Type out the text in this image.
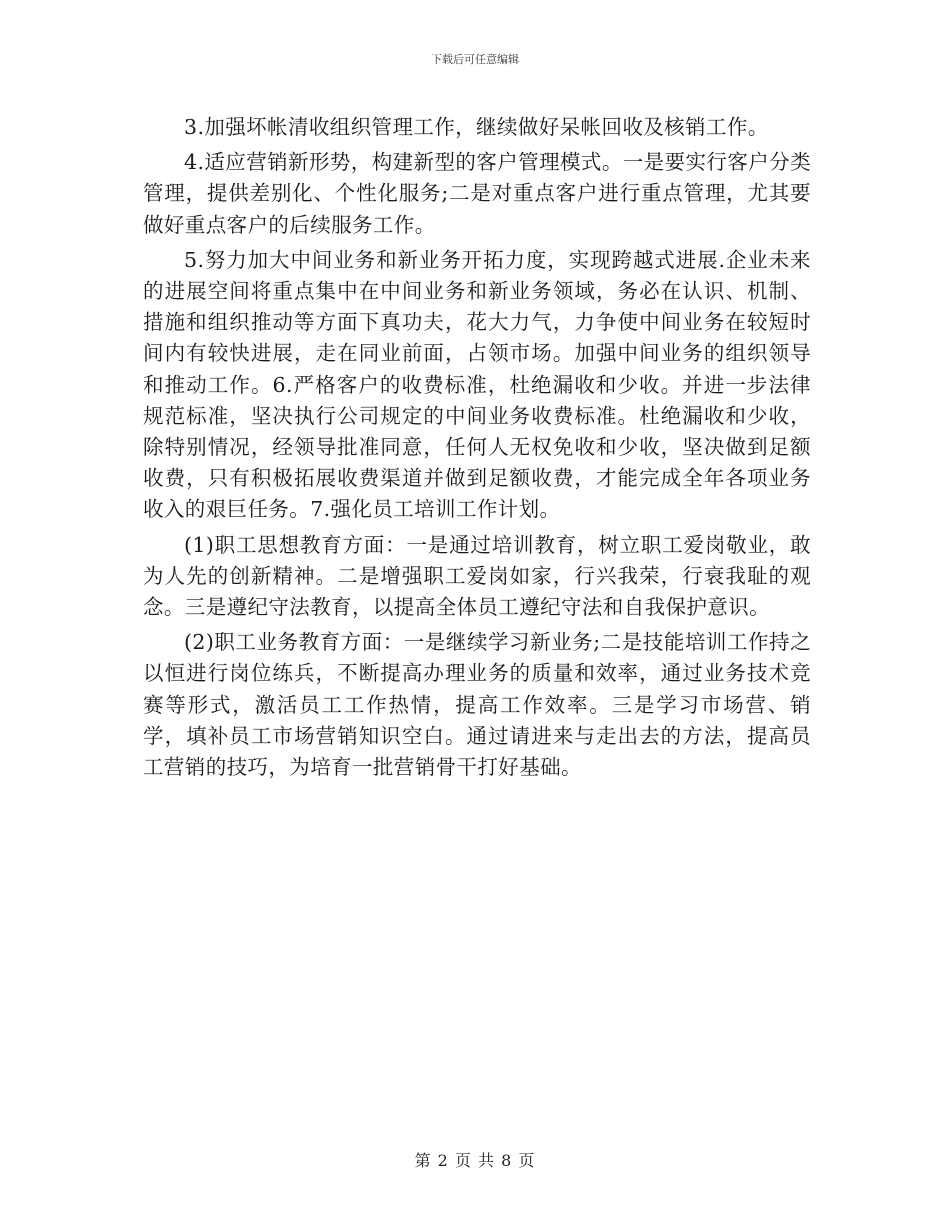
下载后可任意编辑

3.加强坏帐清收组织管理工作，继续做好呆帐回收及核销工作。

4.适应营销新形势，构建新型的客户管理模式。一是要实行客户分类管理，提供差别化、个性化服务;二是对重点客户进行重点管理，尤其要做好重点客户的后续服务工作。

5.努力加大中间业务和新业务开拓力度，实现跨越式进展.企业未来的进展空间将重点集中在中间业务和新业务领域，务必在认识、机制、措施和组织推动等方面下真功夫，花大力气，力争使中间业务在较短时间内有较快进展，走在同业前面，占领市场。加强中间业务的组织领导和推动工作。6.严格客户的收费标准，杜绝漏收和少收。并进一步法律规范标准，坚决执行公司规定的中间业务收费标准。杜绝漏收和少收，除特别情况，经领导批准同意，任何人无权免收和少收，坚决做到足额收费，只有积极拓展收费渠道并做到足额收费，才能完成全年各项业务收入的艰巨任务。7.强化员工培训工作计划。

(1)职工思想教育方面：一是通过培训教育，树立职工爱岗敬业，敢为人先的创新精神。二是增强职工爱岗如家，行兴我荣，行衰我耻的观念。三是遵纪守法教育，以提高全体员工遵纪守法和自我保护意识。

(2)职工业务教育方面：一是继续学习新业务;二是技能培训工作持之以恒进行岗位练兵，不断提高办理业务的质量和效率，通过业务技术竞赛等形式，激活员工工作热情，提高工作效率。三是学习市场营、销学，填补员工市场营销知识空白。通过请进来与走出去的方法，提高员工营销的技巧，为培育一批营销骨干打好基础。

第 2 页 共 8 页
